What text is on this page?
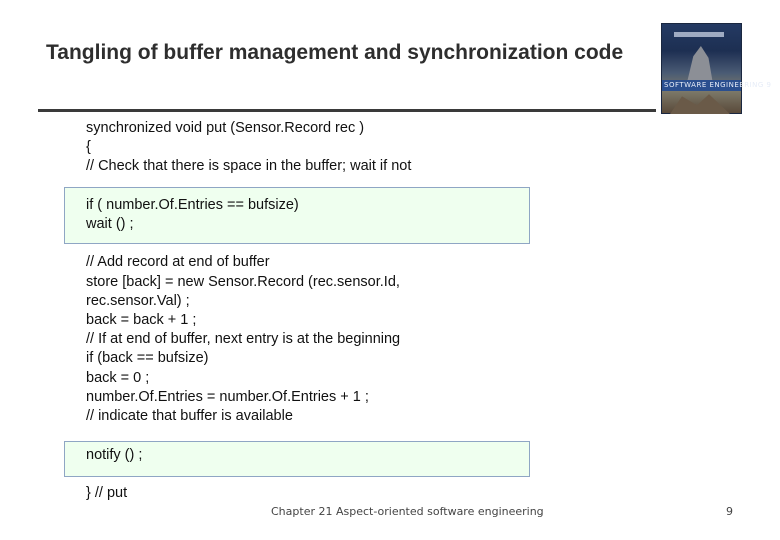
Tangling of buffer management and synchronization code
SOFTWARE ENGINEERING 9
synchronized void put (Sensor.Record rec )
{
// Check that there is space in the buffer; wait if not
if ( number.Of.Entries == bufsize)
wait () ;
// Add record at end of buffer
store [back] = new Sensor.Record (rec.sensor.Id,
rec.sensor.Val) ;
back = back + 1 ;
// If at end of buffer, next entry is at the beginning
if (back == bufsize)
back = 0 ;
number.Of.Entries = number.Of.Entries + 1 ;
// indicate that buffer is available
notify () ;
} // put
Chapter 21 Aspect-oriented software engineering	9
